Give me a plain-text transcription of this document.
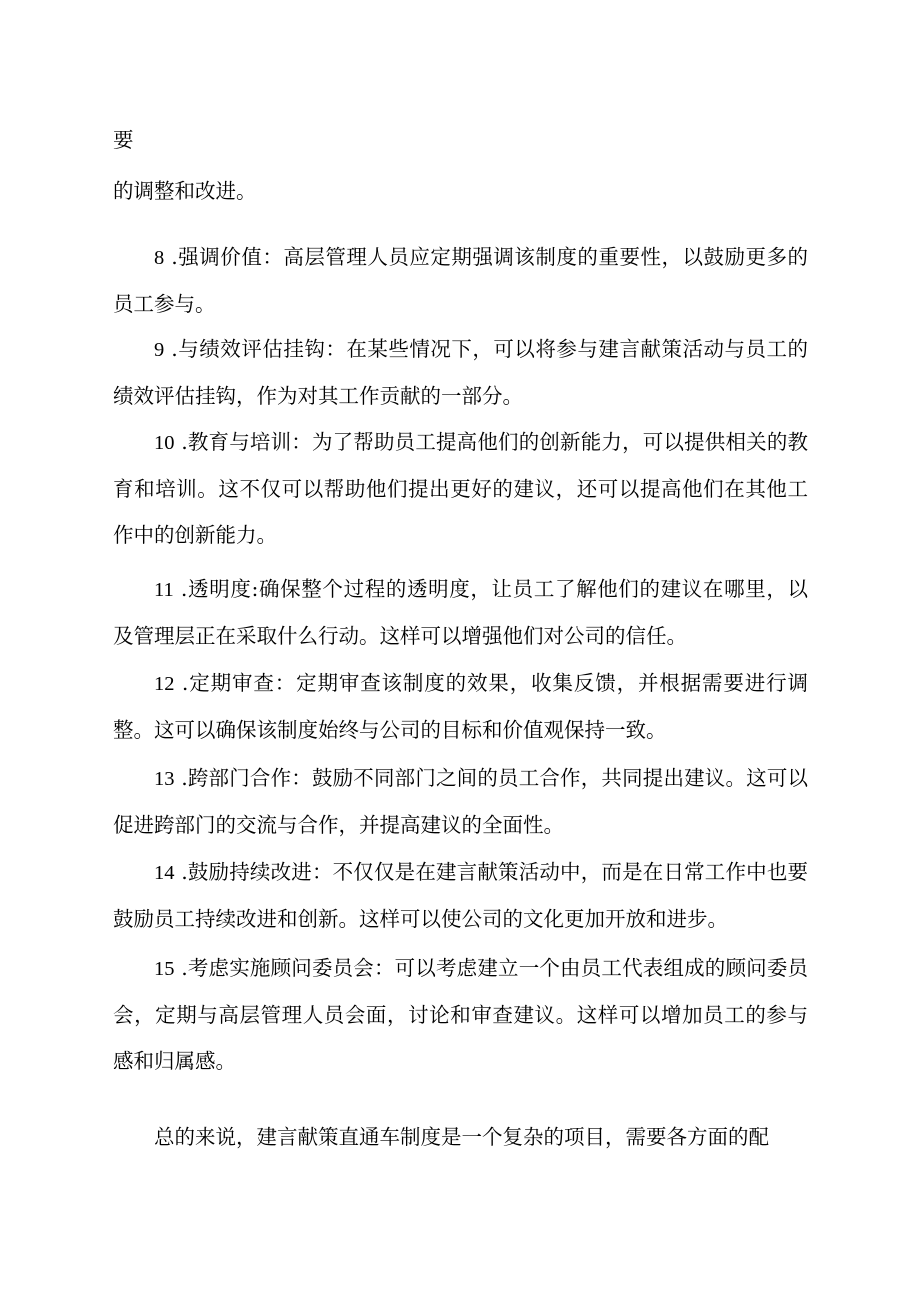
要

的调整和改进。

8 .强调价值：高层管理人员应定期强调该制度的重要性，以鼓励更多的员工参与。

9 .与绩效评估挂钩：在某些情况下，可以将参与建言献策活动与员工的绩效评估挂钩，作为对其工作贡献的一部分。

10 .教育与培训：为了帮助员工提高他们的创新能力，可以提供相关的教育和培训。这不仅可以帮助他们提出更好的建议，还可以提高他们在其他工作中的创新能力。

11 .透明度:确保整个过程的透明度，让员工了解他们的建议在哪里，以及管理层正在采取什么行动。这样可以增强他们对公司的信任。

12 .定期审查：定期审查该制度的效果，收集反馈，并根据需要进行调整。这可以确保该制度始终与公司的目标和价值观保持一致。

13 .跨部门合作：鼓励不同部门之间的员工合作，共同提出建议。这可以促进跨部门的交流与合作，并提高建议的全面性。

14 .鼓励持续改进：不仅仅是在建言献策活动中，而是在日常工作中也要鼓励员工持续改进和创新。这样可以使公司的文化更加开放和进步。

15 .考虑实施顾问委员会：可以考虑建立一个由员工代表组成的顾问委员会，定期与高层管理人员会面，讨论和审查建议。这样可以增加员工的参与感和归属感。

总的来说，建言献策直通车制度是一个复杂的项目，需要各方面的配
